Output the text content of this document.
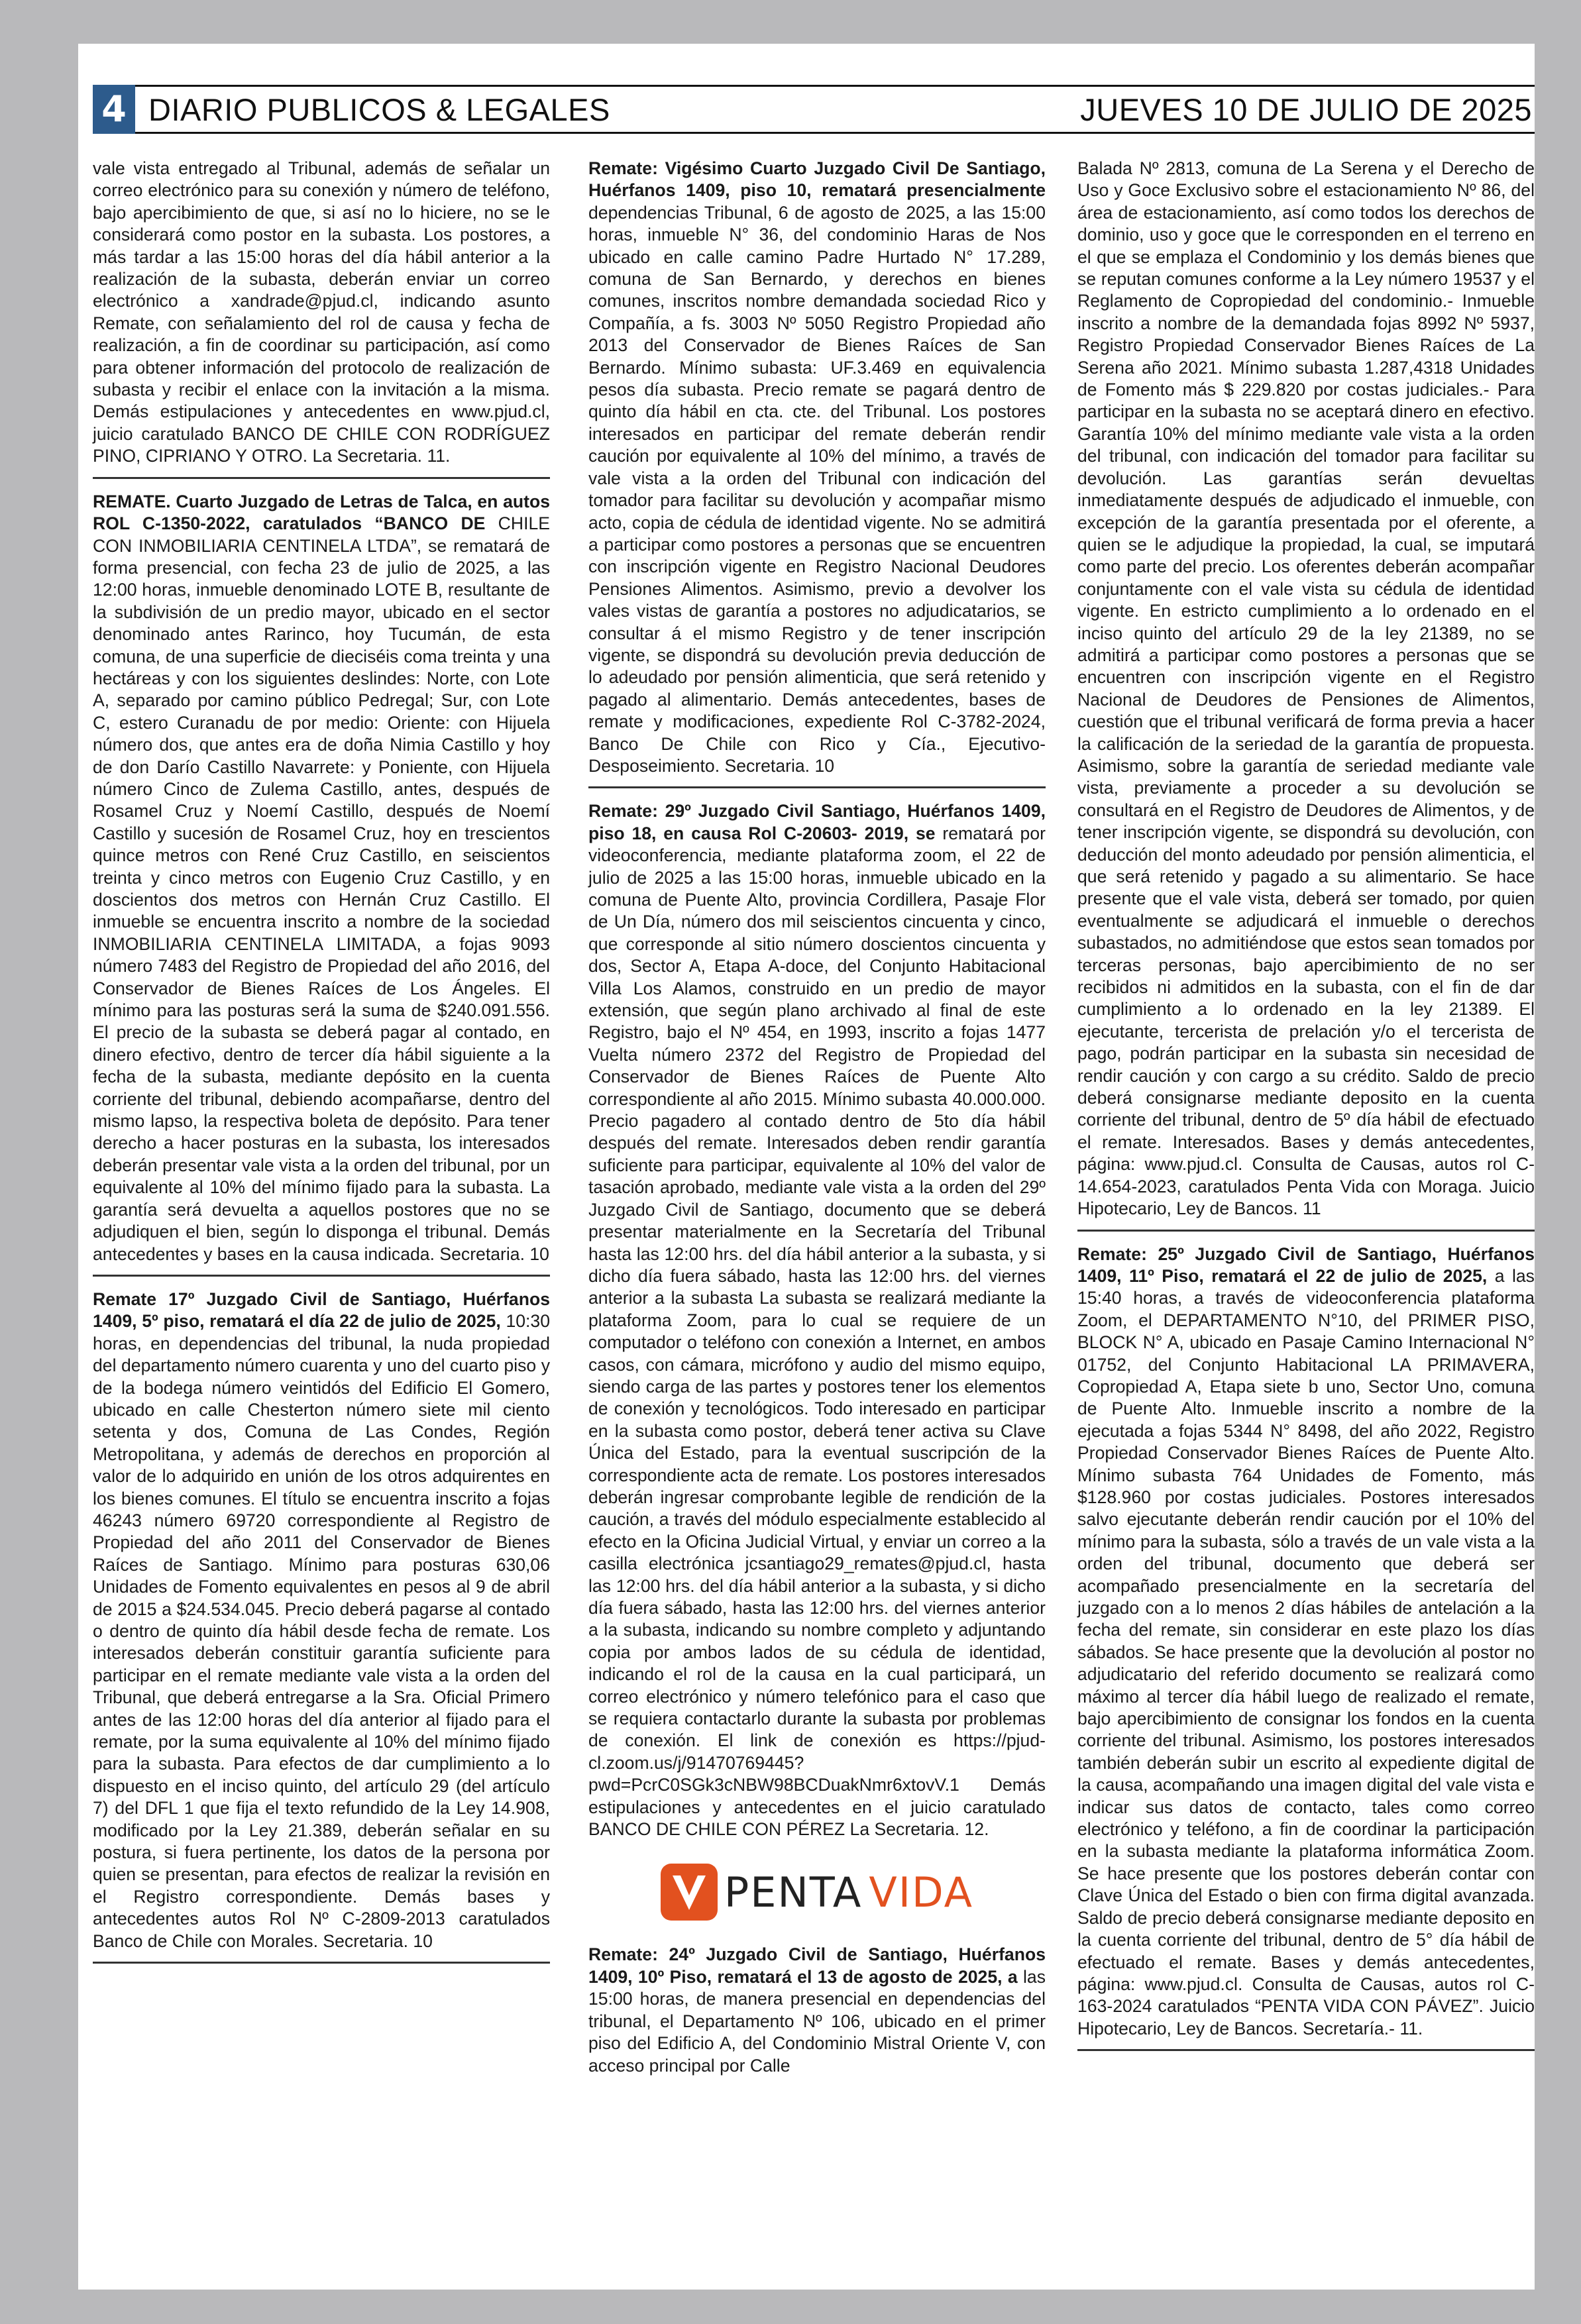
4 DIARIO PUBLICOS & LEGALES	JUEVES 10 DE JULIO DE 2025

vale vista entregado al Tribunal, además de señalar un correo electrónico para su conexión y número de teléfono, bajo apercibimiento de que, si así no lo hiciere, no se le considerará como postor en la subasta. Los postores, a más tardar a las 15:00 horas del día hábil anterior a la realización de la subasta, deberán enviar un correo electrónico a xandrade@pjud.cl, indicando asunto Remate, con señalamiento del rol de causa y fecha de realización, a fin de coordinar su participación, así como para obtener información del protocolo de realización de subasta y recibir el enlace con la invitación a la misma. Demás estipulaciones y antecedentes en www.pjud.cl, juicio caratulado BANCO DE CHILE CON RODRÍGUEZ PINO, CIPRIANO Y OTRO. La Secretaria. 11.

REMATE. Cuarto Juzgado de Letras de Talca, en autos ROL C-1350-2022, caratulados “BANCO DE CHILE CON INMOBILIARIA CENTINELA LTDA”, se rematará de forma presencial, con fecha 23 de julio de 2025, a las 12:00 horas, inmueble denominado LOTE B, resultante de la subdivisión de un predio mayor, ubicado en el sector denominado antes Rarinco, hoy Tucumán, de esta comuna, de una superficie de dieciséis coma treinta y una hectáreas y con los siguientes deslindes: Norte, con Lote A, separado por camino público Pedregal; Sur, con Lote C, estero Curanadu de por medio: Oriente: con Hijuela número dos, que antes era de doña Nimia Castillo y hoy de don Darío Castillo Navarrete: y Poniente, con Hijuela número Cinco de Zulema Castillo, antes, después de Rosamel Cruz y Noemí Castillo, después de Noemí Castillo y sucesión de Rosamel Cruz, hoy en trescientos quince metros con René Cruz Castillo, en seiscientos treinta y cinco metros con Eugenio Cruz Castillo, y en doscientos dos metros con Hernán Cruz Castillo. El inmueble se encuentra inscrito a nombre de la sociedad INMOBILIARIA CENTINELA LIMITADA, a fojas 9093 número 7483 del Registro de Propiedad del año 2016, del Conservador de Bienes Raíces de Los Ángeles. El mínimo para las posturas será la suma de $240.091.556. El precio de la subasta se deberá pagar al contado, en dinero efectivo, dentro de tercer día hábil siguiente a la fecha de la subasta, mediante depósito en la cuenta corriente del tribunal, debiendo acompañarse, dentro del mismo lapso, la respectiva boleta de depósito. Para tener derecho a hacer posturas en la subasta, los interesados deberán presentar vale vista a la orden del tribunal, por un equivalente al 10% del mínimo fijado para la subasta. La garantía será devuelta a aquellos postores que no se adjudiquen el bien, según lo disponga el tribunal. Demás antecedentes y bases en la causa indicada. Secretaria. 10

Remate 17º Juzgado Civil de Santiago, Huérfanos 1409, 5º piso, rematará el día 22 de julio de 2025, 10:30 horas, en dependencias del tribunal, la nuda propiedad del departamento número cuarenta y uno del cuarto piso y de la bodega número veintidós del Edificio El Gomero, ubicado en calle Chesterton número siete mil ciento setenta y dos, Comuna de Las Condes, Región Metropolitana, y además de derechos en proporción al valor de lo adquirido en unión de los otros adquirentes en los bienes comunes. El título se encuentra inscrito a fojas 46243 número 69720 correspondiente al Registro de Propiedad del año 2011 del Conservador de Bienes Raíces de Santiago. Mínimo para posturas 630,06 Unidades de Fomento equivalentes en pesos al 9 de abril de 2015 a $24.534.045. Precio deberá pagarse al contado o dentro de quinto día hábil desde fecha de remate. Los interesados deberán constituir garantía suficiente para participar en el remate mediante vale vista a la orden del Tribunal, que deberá entregarse a la Sra. Oficial Primero antes de las 12:00 horas del día anterior al fijado para el remate, por la suma equivalente al 10% del mínimo fijado para la subasta. Para efectos de dar cumplimiento a lo dispuesto en el inciso quinto, del artículo 29 (del artículo 7) del DFL 1 que fija el texto refundido de la Ley 14.908, modificado por la Ley 21.389, deberán señalar en su postura, si fuera pertinente, los datos de la persona por quien se presentan, para efectos de realizar la revisión en el Registro correspondiente. Demás bases y antecedentes autos Rol Nº C-2809-2013 caratulados Banco de Chile con Morales. Secretaria. 10

Remate: Vigésimo Cuarto Juzgado Civil De Santiago, Huérfanos 1409, piso 10, rematará presencialmente dependencias Tribunal, 6 de agosto de 2025, a las 15:00 horas, inmueble N° 36, del condominio Haras de Nos ubicado en calle camino Padre Hurtado N° 17.289, comuna de San Bernardo, y derechos en bienes comunes, inscritos nombre demandada sociedad Rico y Compañía, a fs. 3003 Nº 5050 Registro Propiedad año 2013 del Conservador de Bienes Raíces de San Bernardo. Mínimo subasta: UF.3.469 en equivalencia pesos día subasta. Precio remate se pagará dentro de quinto día hábil en cta. cte. del Tribunal. Los postores interesados en participar del remate deberán rendir caución por equivalente al 10% del mínimo, a través de vale vista a la orden del Tribunal con indicación del tomador para facilitar su devolución y acompañar mismo acto, copia de cédula de identidad vigente. No se admitirá a participar como postores a personas que se encuentren con inscripción vigente en Registro Nacional Deudores Pensiones Alimentos. Asimismo, previo a devolver los vales vistas de garantía a postores no adjudicatarios, se consultar á el mismo Registro y de tener inscripción vigente, se dispondrá su devolución previa deducción de lo adeudado por pensión alimenticia, que será retenido y pagado al alimentario. Demás antecedentes, bases de remate y modificaciones, expediente Rol C-3782-2024, Banco De Chile con Rico y Cía., Ejecutivo-Desposeimiento. Secretaria. 10

Remate: 29º Juzgado Civil Santiago, Huérfanos 1409, piso 18, en causa Rol C-20603- 2019, se rematará por videoconferencia, mediante plataforma zoom, el 22 de julio de 2025 a las 15:00 horas, inmueble ubicado en la comuna de Puente Alto, provincia Cordillera, Pasaje Flor de Un Día, número dos mil seiscientos cincuenta y cinco, que corresponde al sitio número doscientos cincuenta y dos, Sector A, Etapa A-doce, del Conjunto Habitacional Villa Los Alamos, construido en un predio de mayor extensión, que según plano archivado al final de este Registro, bajo el Nº 454, en 1993, inscrito a fojas 1477 Vuelta número 2372 del Registro de Propiedad del Conservador de Bienes Raíces de Puente Alto correspondiente al año 2015. Mínimo subasta 40.000.000. Precio pagadero al contado dentro de 5to día hábil después del remate. Interesados deben rendir garantía suficiente para participar, equivalente al 10% del valor de tasación aprobado, mediante vale vista a la orden del 29º Juzgado Civil de Santiago, documento que se deberá presentar materialmente en la Secretaría del Tribunal hasta las 12:00 hrs. del día hábil anterior a la subasta, y si dicho día fuera sábado, hasta las 12:00 hrs. del viernes anterior a la subasta La subasta se realizará mediante la plataforma Zoom, para lo cual se requiere de un computador o teléfono con conexión a Internet, en ambos casos, con cámara, micrófono y audio del mismo equipo, siendo carga de las partes y postores tener los elementos de conexión y tecnológicos. Todo interesado en participar en la subasta como postor, deberá tener activa su Clave Única del Estado, para la eventual suscripción de la correspondiente acta de remate. Los postores interesados deberán ingresar comprobante legible de rendición de la caución, a través del módulo especialmente establecido al efecto en la Oficina Judicial Virtual, y enviar un correo a la casilla electrónica jcsantiago29_remates@pjud.cl, hasta las 12:00 hrs. del día hábil anterior a la subasta, y si dicho día fuera sábado, hasta las 12:00 hrs. del viernes anterior a la subasta, indicando su nombre completo y adjuntando copia por ambos lados de su cédula de identidad, indicando el rol de la causa en la cual participará, un correo electrónico y número telefónico para el caso que se requiera contactarlo durante la subasta por problemas de conexión. El link de conexión es https://pjud-cl.zoom.us/j/91470769445?pwd=PcrC0SGk3cNBW98BCDuakNmr6xtovV.1 Demás estipulaciones y antecedentes en el juicio caratulado BANCO DE CHILE CON PÉREZ La Secretaria. 12.

PENTA VIDA

Remate: 24º Juzgado Civil de Santiago, Huérfanos 1409, 10º Piso, rematará el 13 de agosto de 2025, a las 15:00 horas, de manera presencial en dependencias del tribunal, el Departamento Nº 106, ubicado en el primer piso del Edificio A, del Condominio Mistral Oriente V, con acceso principal por Calle

Balada Nº 2813, comuna de La Serena y el Derecho de Uso y Goce Exclusivo sobre el estacionamiento Nº 86, del área de estacionamiento, así como todos los derechos de dominio, uso y goce que le corresponden en el terreno en el que se emplaza el Condominio y los demás bienes que se reputan comunes conforme a la Ley número 19537 y el Reglamento de Copropiedad del condominio.- Inmueble inscrito a nombre de la demandada fojas 8992 Nº 5937, Registro Propiedad Conservador Bienes Raíces de La Serena año 2021. Mínimo subasta 1.287,4318 Unidades de Fomento más $ 229.820 por costas judiciales.- Para participar en la subasta no se aceptará dinero en efectivo. Garantía 10% del mínimo mediante vale vista a la orden del tribunal, con indicación del tomador para facilitar su devolución. Las garantías serán devueltas inmediatamente después de adjudicado el inmueble, con excepción de la garantía presentada por el oferente, a quien se le adjudique la propiedad, la cual, se imputará como parte del precio. Los oferentes deberán acompañar conjuntamente con el vale vista su cédula de identidad vigente. En estricto cumplimiento a lo ordenado en el inciso quinto del artículo 29 de la ley 21389, no se admitirá a participar como postores a personas que se encuentren con inscripción vigente en el Registro Nacional de Deudores de Pensiones de Alimentos, cuestión que el tribunal verificará de forma previa a hacer la calificación de la seriedad de la garantía de propuesta. Asimismo, sobre la garantía de seriedad mediante vale vista, previamente a proceder a su devolución se consultará en el Registro de Deudores de Alimentos, y de tener inscripción vigente, se dispondrá su devolución, con deducción del monto adeudado por pensión alimenticia, el que será retenido y pagado a su alimentario. Se hace presente que el vale vista, deberá ser tomado, por quien eventualmente se adjudicará el inmueble o derechos subastados, no admitiéndose que estos sean tomados por terceras personas, bajo apercibimiento de no ser recibidos ni admitidos en la subasta, con el fin de dar cumplimiento a lo ordenado en la ley 21389. El ejecutante, tercerista de prelación y/o el tercerista de pago, podrán participar en la subasta sin necesidad de rendir caución y con cargo a su crédito. Saldo de precio deberá consignarse mediante deposito en la cuenta corriente del tribunal, dentro de 5º día hábil de efectuado el remate. Interesados. Bases y demás antecedentes, página: www.pjud.cl. Consulta de Causas, autos rol C-14.654-2023, caratulados Penta Vida con Moraga. Juicio Hipotecario, Ley de Bancos. 11

Remate: 25º Juzgado Civil de Santiago, Huérfanos 1409, 11º Piso, rematará el 22 de julio de 2025, a las 15:40 horas, a través de videoconferencia plataforma Zoom, el DEPARTAMENTO N°10, del PRIMER PISO, BLOCK N° A, ubicado en Pasaje Camino Internacional N° 01752, del Conjunto Habitacional LA PRIMAVERA, Copropiedad A, Etapa siete b uno, Sector Uno, comuna de Puente Alto. Inmueble inscrito a nombre de la ejecutada a fojas 5344 N° 8498, del año 2022, Registro Propiedad Conservador Bienes Raíces de Puente Alto. Mínimo subasta 764 Unidades de Fomento, más $128.960 por costas judiciales. Postores interesados salvo ejecutante deberán rendir caución por el 10% del mínimo para la subasta, sólo a través de un vale vista a la orden del tribunal, documento que deberá ser acompañado presencialmente en la secretaría del juzgado con a lo menos 2 días hábiles de antelación a la fecha del remate, sin considerar en este plazo los días sábados. Se hace presente que la devolución al postor no adjudicatario del referido documento se realizará como máximo al tercer día hábil luego de realizado el remate, bajo apercibimiento de consignar los fondos en la cuenta corriente del tribunal. Asimismo, los postores interesados también deberán subir un escrito al expediente digital de la causa, acompañando una imagen digital del vale vista e indicar sus datos de contacto, tales como correo electrónico y teléfono, a fin de coordinar la participación en la subasta mediante la plataforma informática Zoom. Se hace presente que los postores deberán contar con Clave Única del Estado o bien con firma digital avanzada. Saldo de precio deberá consignarse mediante deposito en la cuenta corriente del tribunal, dentro de 5° día hábil de efectuado el remate. Bases y demás antecedentes, página: www.pjud.cl. Consulta de Causas, autos rol C-163-2024 caratulados “PENTA VIDA CON PÁVEZ”. Juicio Hipotecario, Ley de Bancos. Secretaría.- 11.
